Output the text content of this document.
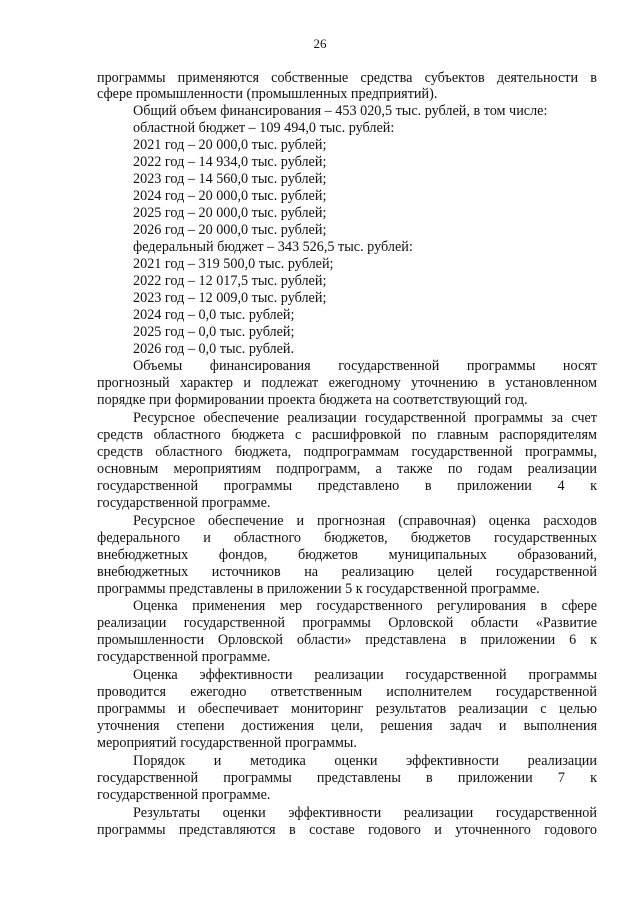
26
программы применяются собственные средства субъектов деятельности в
сфере промышленности (промышленных предприятий).
Общий объем финансирования – 453 020,5 тыс. рублей, в том числе:
областной бюджет – 109 494,0 тыс. рублей:
2021 год – 20 000,0 тыс. рублей;
2022 год – 14 934,0 тыс. рублей;
2023 год – 14 560,0 тыс. рублей;
2024 год – 20 000,0 тыс. рублей;
2025 год – 20 000,0 тыс. рублей;
2026 год – 20 000,0 тыс. рублей;
федеральный бюджет – 343 526,5 тыс. рублей:
2021 год – 319 500,0 тыс. рублей;
2022 год – 12 017,5 тыс. рублей;
2023 год – 12 009,0 тыс. рублей;
2024 год – 0,0 тыс. рублей;
2025 год – 0,0 тыс. рублей;
2026 год – 0,0 тыс. рублей.
Объемы финансирования государственной программы носят
прогнозный характер и подлежат ежегодному уточнению в установленном
порядке при формировании проекта бюджета на соответствующий год.
Ресурсное обеспечение реализации государственной программы за счет
средств областного бюджета с расшифровкой по главным распорядителям
средств областного бюджета, подпрограммам государственной программы,
основным мероприятиям подпрограмм, а также по годам реализации
государственной программы представлено в приложении 4 к
государственной программе.
Ресурсное обеспечение и прогнозная (справочная) оценка расходов
федерального и областного бюджетов, бюджетов государственных
внебюджетных фондов, бюджетов муниципальных образований,
внебюджетных источников на реализацию целей государственной
программы представлены в приложении 5 к государственной программе.
Оценка применения мер государственного регулирования в сфере
реализации государственной программы Орловской области «Развитие
промышленности Орловской области» представлена в приложении 6 к
государственной программе.
Оценка эффективности реализации государственной программы
проводится ежегодно ответственным исполнителем государственной
программы и обеспечивает мониторинг результатов реализации с целью
уточнения степени достижения цели, решения задач и выполнения
мероприятий государственной программы.
Порядок и методика оценки эффективности реализации
государственной программы представлены в приложении 7 к
государственной программе.
Результаты оценки эффективности реализации государственной
программы представляются в составе годового и уточненного годового
